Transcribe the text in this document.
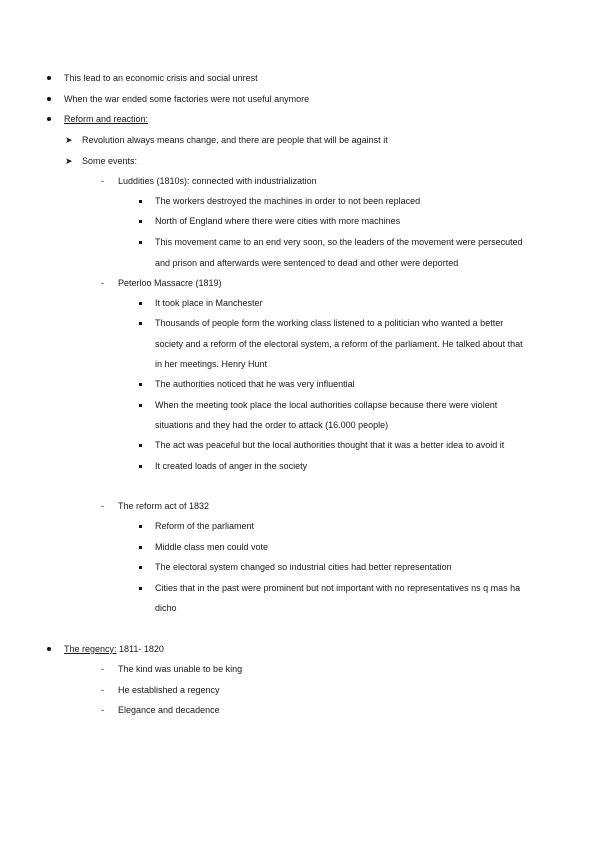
This lead to an economic crisis and social unrest
When the war ended some factories were not useful anymore
Reform and reaction:
➤ Revolution always means change, and there are people that will be against it
➤ Some events:
- Luddities (1810s): connected with industrialization
The workers destroyed the machines in order to not been replaced
North of England where there were cities with more machines
This movement came to an end very soon, so the leaders of the movement were persecuted
and prison and afterwards were sentenced to dead and other were deported
- Peterloo Massacre (1819)
It took place in Manchester
Thousands of people form the working class listened to a politician who wanted a better
society and a reform of the electoral system, a reform of the parliament. He talked about that
in her meetings. Henry Hunt
The authorities noticed that he was very influential
When the meeting took place the local authorities collapse because there were violent
situations and they had the order to attack (16.000 people)
The act was peaceful but the local authorities thought that it was a better idea to avoid it
It created loads of anger in the society
- The reform act of 1832
Reform of the parliament
Middle class men could vote
The electoral system changed so industrial cities had better representation
Cities that in the past were prominent but not important with no representatives ns q mas ha
dicho
The regency: 1811- 1820
- The kind was unable to be king
- He established a regency
- Elegance and decadence
